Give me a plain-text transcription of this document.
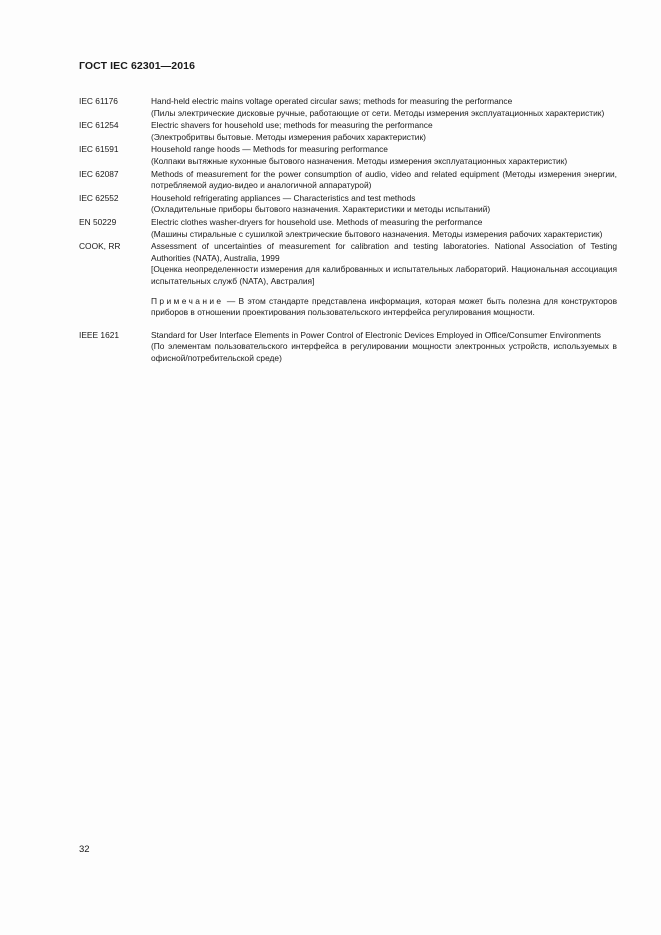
ГОСТ IEC 62301—2016
IEC 61176	Hand-held electric mains voltage operated circular saws; methods for measuring the performance
(Пилы электрические дисковые ручные, работающие от сети. Методы измерения эксплуатационных характеристик)
IEC 61254	Electric shavers for household use; methods for measuring the performance
(Электробритвы бытовые. Методы измерения рабочих характеристик)
IEC 61591	Household range hoods — Methods for measuring performance
(Колпаки вытяжные кухонные бытового назначения. Методы измерения эксплуатационных характеристик)
IEC 62087	Methods of measurement for the power consumption of audio, video and related equipment (Методы измерения энергии, потребляемой аудио-видео и аналогичной аппаратурой)
IEC 62552	Household refrigerating appliances — Characteristics and test methods
(Охладительные приборы бытового назначения. Характеристики и методы испытаний)
EN 50229	Electric clothes washer-dryers for household use. Methods of measuring the performance
(Машины стиральные с сушилкой электрические бытового назначения. Методы измерения рабочих характеристик)
COOK, RR	Assessment of uncertainties of measurement for calibration and testing laboratories. National Association of Testing Authorities (NATA), Australia, 1999
[Оценка неопределенности измерения для калиброванных и испытательных лабораторий. Национальная ассоциация испытательных служб (NATA), Австралия]
Примечание — В этом стандарте представлена информация, которая может быть полезна для конструкторов приборов в отношении проектирования пользовательского интерфейса регулирования мощности.
IEEE 1621	Standard for User Interface Elements in Power Control of Electronic Devices Employed in Office/Consumer Environments
(По элементам пользовательского интерфейса в регулировании мощности электронных устройств, используемых в офисной/потребительской среде)
32
